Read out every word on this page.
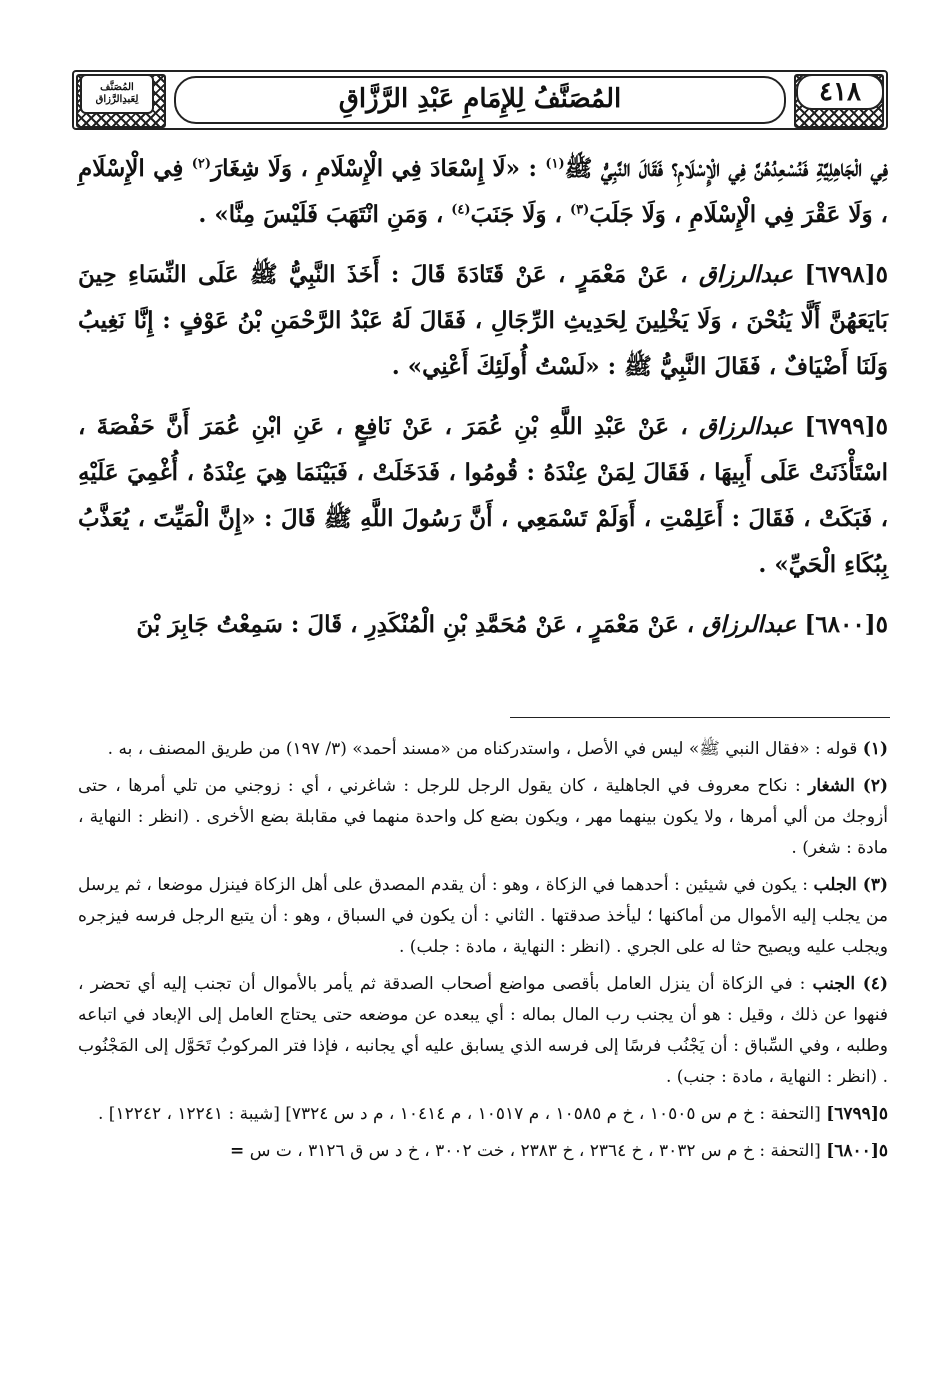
المُصَنَّفُ لِلإِمَامِ عَبْدِ الرَّزَّاقِ
المُصَنَّف
لِعَبدِالرَّزاق	٤١٨

فِي الْجَاهِلِيَّةِ فَنُسْعِدُهُنَّ فِي الْإِسْلَامِ؟ فَقَالَ النَّبِيُّ ﷺ$^{(١)}$ : «لَا إِسْعَادَ فِي الْإِسْلَامِ ، وَلَا شِغَارَ$^{(٢)}$ فِي الْإِسْلَامِ ، وَلَا عَقْرَ فِي الْإِسْلَامِ ، وَلَا جَلَبَ$^{(٣)}$ ، وَلَا جَنَبَ$^{(٤)}$ ، وَمَنِ انْتَهَبَ فَلَيْسَ مِنَّا» .

٥[٦٧٩٨] عبدالرزاق ، عَنْ مَعْمَرٍ ، عَنْ قَتَادَةَ قَالَ : أَخَذَ النَّبِيُّ ﷺ عَلَى النِّسَاءِ حِينَ بَايَعَهُنَّ أَلَّا يَنُحْنَ ، وَلَا يَخْلِينَ لِحَدِيثِ الرِّجَالِ ، فَقَالَ لَهُ عَبْدُ الرَّحْمَنِ بْنُ عَوْفٍ : إِنَّا نَغِيبُ وَلَنَا أَضْيَافٌ ، فَقَالَ النَّبِيُّ ﷺ : «لَسْتُ أُولَئِكَ أَعْنِي» .

٥[٦٧٩٩] عبدالرزاق ، عَنْ عَبْدِ اللَّهِ بْنِ عُمَرَ ، عَنْ نَافِعٍ ، عَنِ ابْنِ عُمَرَ أَنَّ حَفْصَةَ ، اسْتَأْذَنَتْ عَلَى أَبِيهَا ، فَقَالَ لِمَنْ عِنْدَهُ : قُومُوا ، فَدَخَلَتْ ، فَبَيْنَمَا هِيَ عِنْدَهُ ، أُغْمِيَ عَلَيْهِ ، فَبَكَتْ ، فَقَالَ : أَعَلِمْتِ ، أَوَلَمْ تَسْمَعِي ، أَنَّ رَسُولَ اللَّهِ ﷺ قَالَ : «إِنَّ الْمَيِّتَ ، يُعَذَّبُ بِبُكَاءِ الْحَيِّ» .

٥[٦٨٠٠] عبدالرزاق ، عَنْ مَعْمَرٍ ، عَنْ مُحَمَّدِ بْنِ الْمُنْكَدِرِ ، قَالَ : سَمِعْتُ جَابِرَ بْنَ

(١) قوله : «فقال النبي ﷺ» ليس في الأصل ، واستدركناه من «مسند أحمد» (٣/ ١٩٧) من طريق المصنف ، به .

(٢) الشغار : نكاح معروف في الجاهلية ، كان يقول الرجل للرجل : شاغرني ، أي : زوجني من تلي أمرها ، حتى أزوجك من ألي أمرها ، ولا يكون بينهما مهر ، ويكون بضع كل واحدة منهما في مقابلة بضع الأخرى . (انظر : النهاية ، مادة : شغر) .

(٣) الجلب : يكون في شيئين : أحدهما في الزكاة ، وهو : أن يقدم المصدق على أهل الزكاة فينزل موضعا ، ثم يرسل من يجلب إليه الأموال من أماكنها ؛ ليأخذ صدقتها . الثاني : أن يكون في السباق ، وهو : أن يتبع الرجل فرسه فيزجره ويجلب عليه ويصيح حثا له على الجري . (انظر : النهاية ، مادة : جلب) .

(٤) الجنب : في الزكاة أن ينزل العامل بأقصى مواضع أصحاب الصدقة ثم يأمر بالأموال أن تجنب إليه أي تحضر ، فنهوا عن ذلك ، وقيل : هو أن يجنب رب المال بماله : أي يبعده عن موضعه حتى يحتاج العامل إلى الإبعاد في اتباعه وطلبه ، وفي السِّباق : أن يَجْنُب فرسًا إلى فرسه الذي يسابق عليه أي يجانبه ، فإذا فتر المركوبُ تَحَوَّل إلى المَجْنُوب . (انظر : النهاية ، مادة : جنب) .

٥[٦٧٩٩] [التحفة : خ م س ١٠٥٠٥ ، خ م ١٠٥٨٥ ، م ١٠٥١٧ ، م ١٠٤١٤ ، م د س ٧٣٢٤] [شيبة : ١٢٢٤١ ، ١٢٢٤٢] .

٥[٦٨٠٠] [التحفة : خ م س ٣٠٣٢ ، خ ٢٣٦٤ ، خ ٢٣٨٣ ، خت ٣٠٠٢ ، خ د س ق ٣١٢٦ ، ت س =
